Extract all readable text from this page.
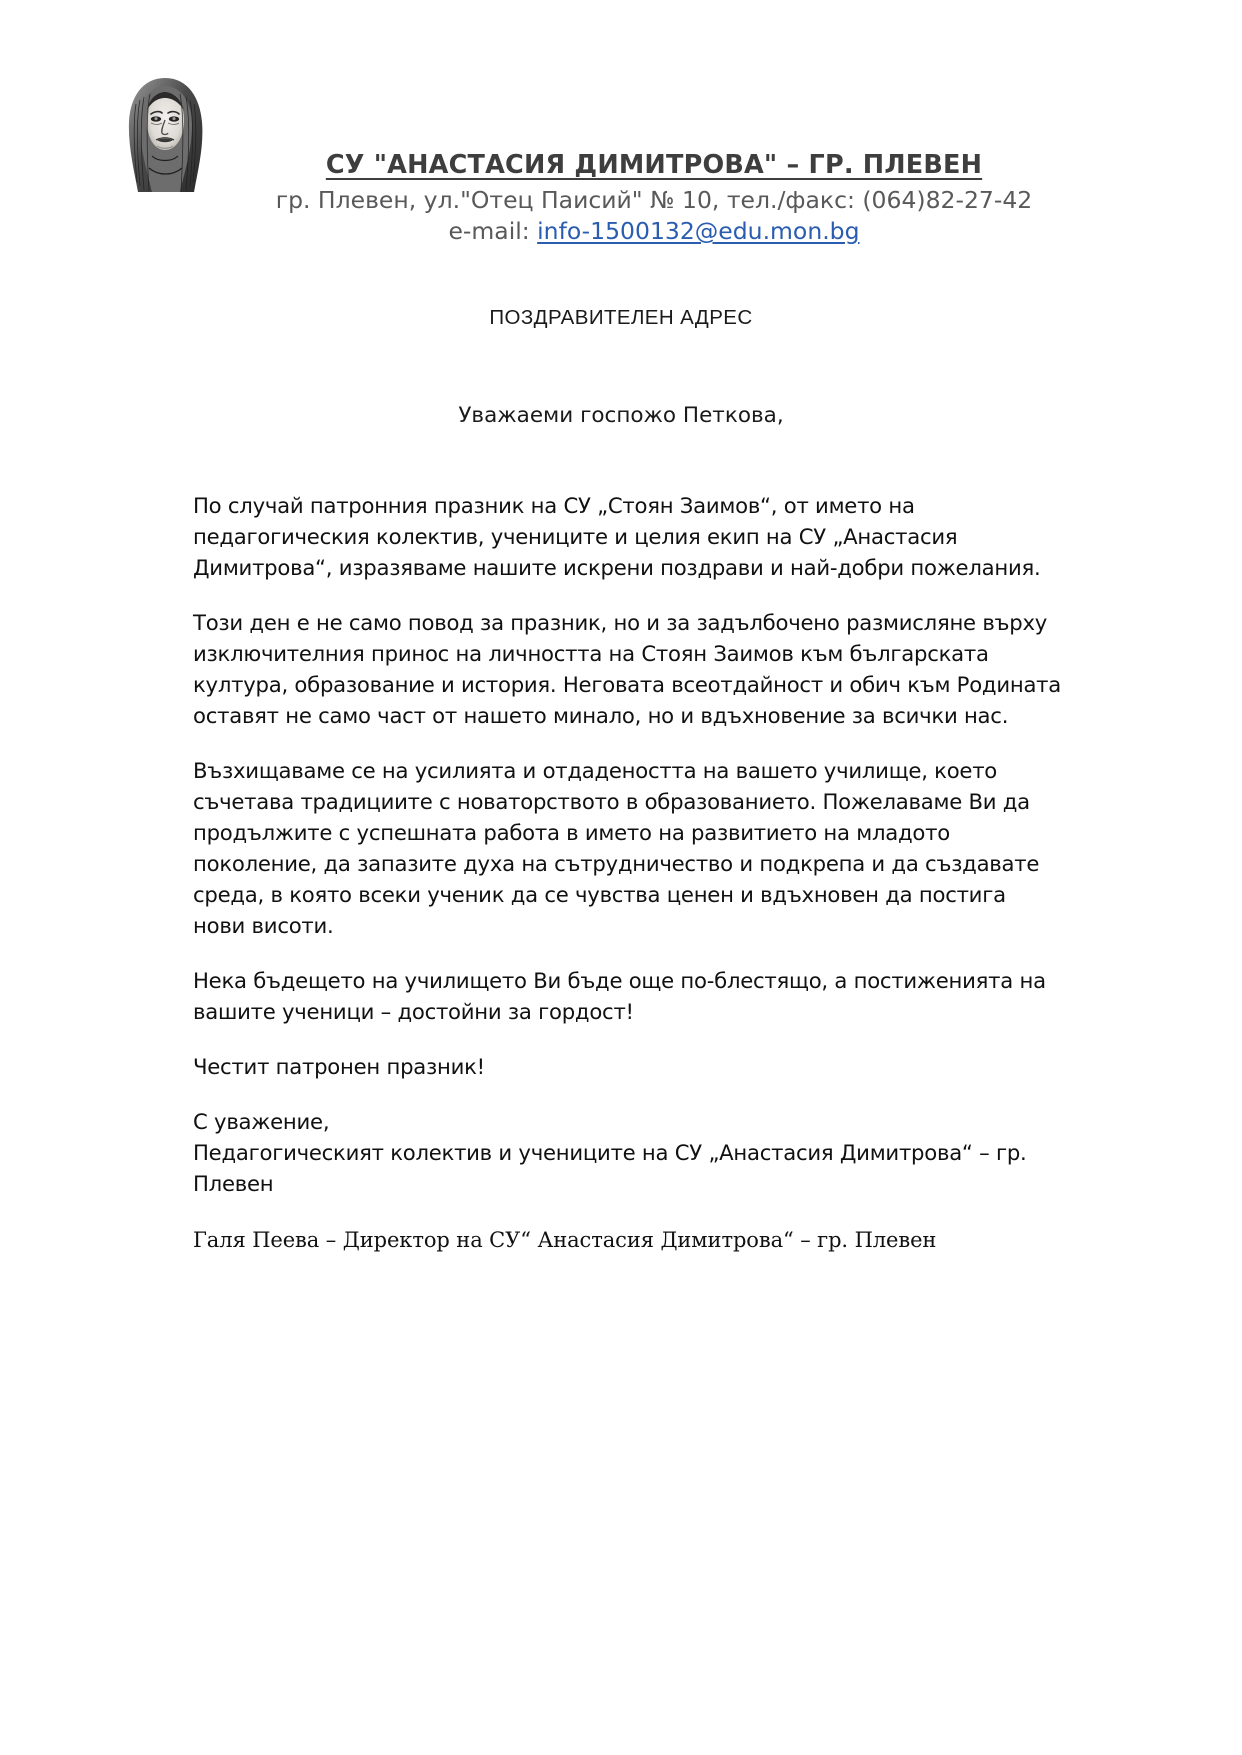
СУ "АНАСТАСИЯ ДИМИТРОВА" – ГР. ПЛЕВЕН
гр. Плевен, ул."Отец Паисий" № 10, тел./факс: (064)82-27-42
e-mail: info-1500132@edu.mon.bg
ПОЗДРАВИТЕЛЕН АДРЕС
Уважаеми госпожо Петкова,

По случай патронния празник на СУ „Стоян Заимов“, от името на педагогическия колектив, учениците и целия екип на СУ „Анастасия Димитрова“, изразяваме нашите искрени поздрави и най-добри пожелания.

Този ден е не само повод за празник, но и за задълбочено размисляне върху изключителния принос на личността на Стоян Заимов към българската култура, образование и история. Неговата всеотдайност и обич към Родината оставят не само част от нашето минало, но и вдъхновение за всички нас.

Възхищаваме се на усилията и отдадеността на вашето училище, което съчетава традициите с новаторството в образованието. Пожелаваме Ви да продължите с успешната работа в името на развитието на младото поколение, да запазите духа на сътрудничество и подкрепа и да създавате среда, в която всеки ученик да се чувства ценен и вдъхновен да постига нови висоти.

Нека бъдещето на училището Ви бъде още по-блестящо, а постиженията на вашите ученици – достойни за гордост!

Честит патронен празник!

С уважение,

Педагогическият колектив и учениците на СУ „Анастасия Димитрова“ – гр. Плевен

Галя Пеева – Директор на СУ“ Анастасия Димитрова“ – гр. Плевен
